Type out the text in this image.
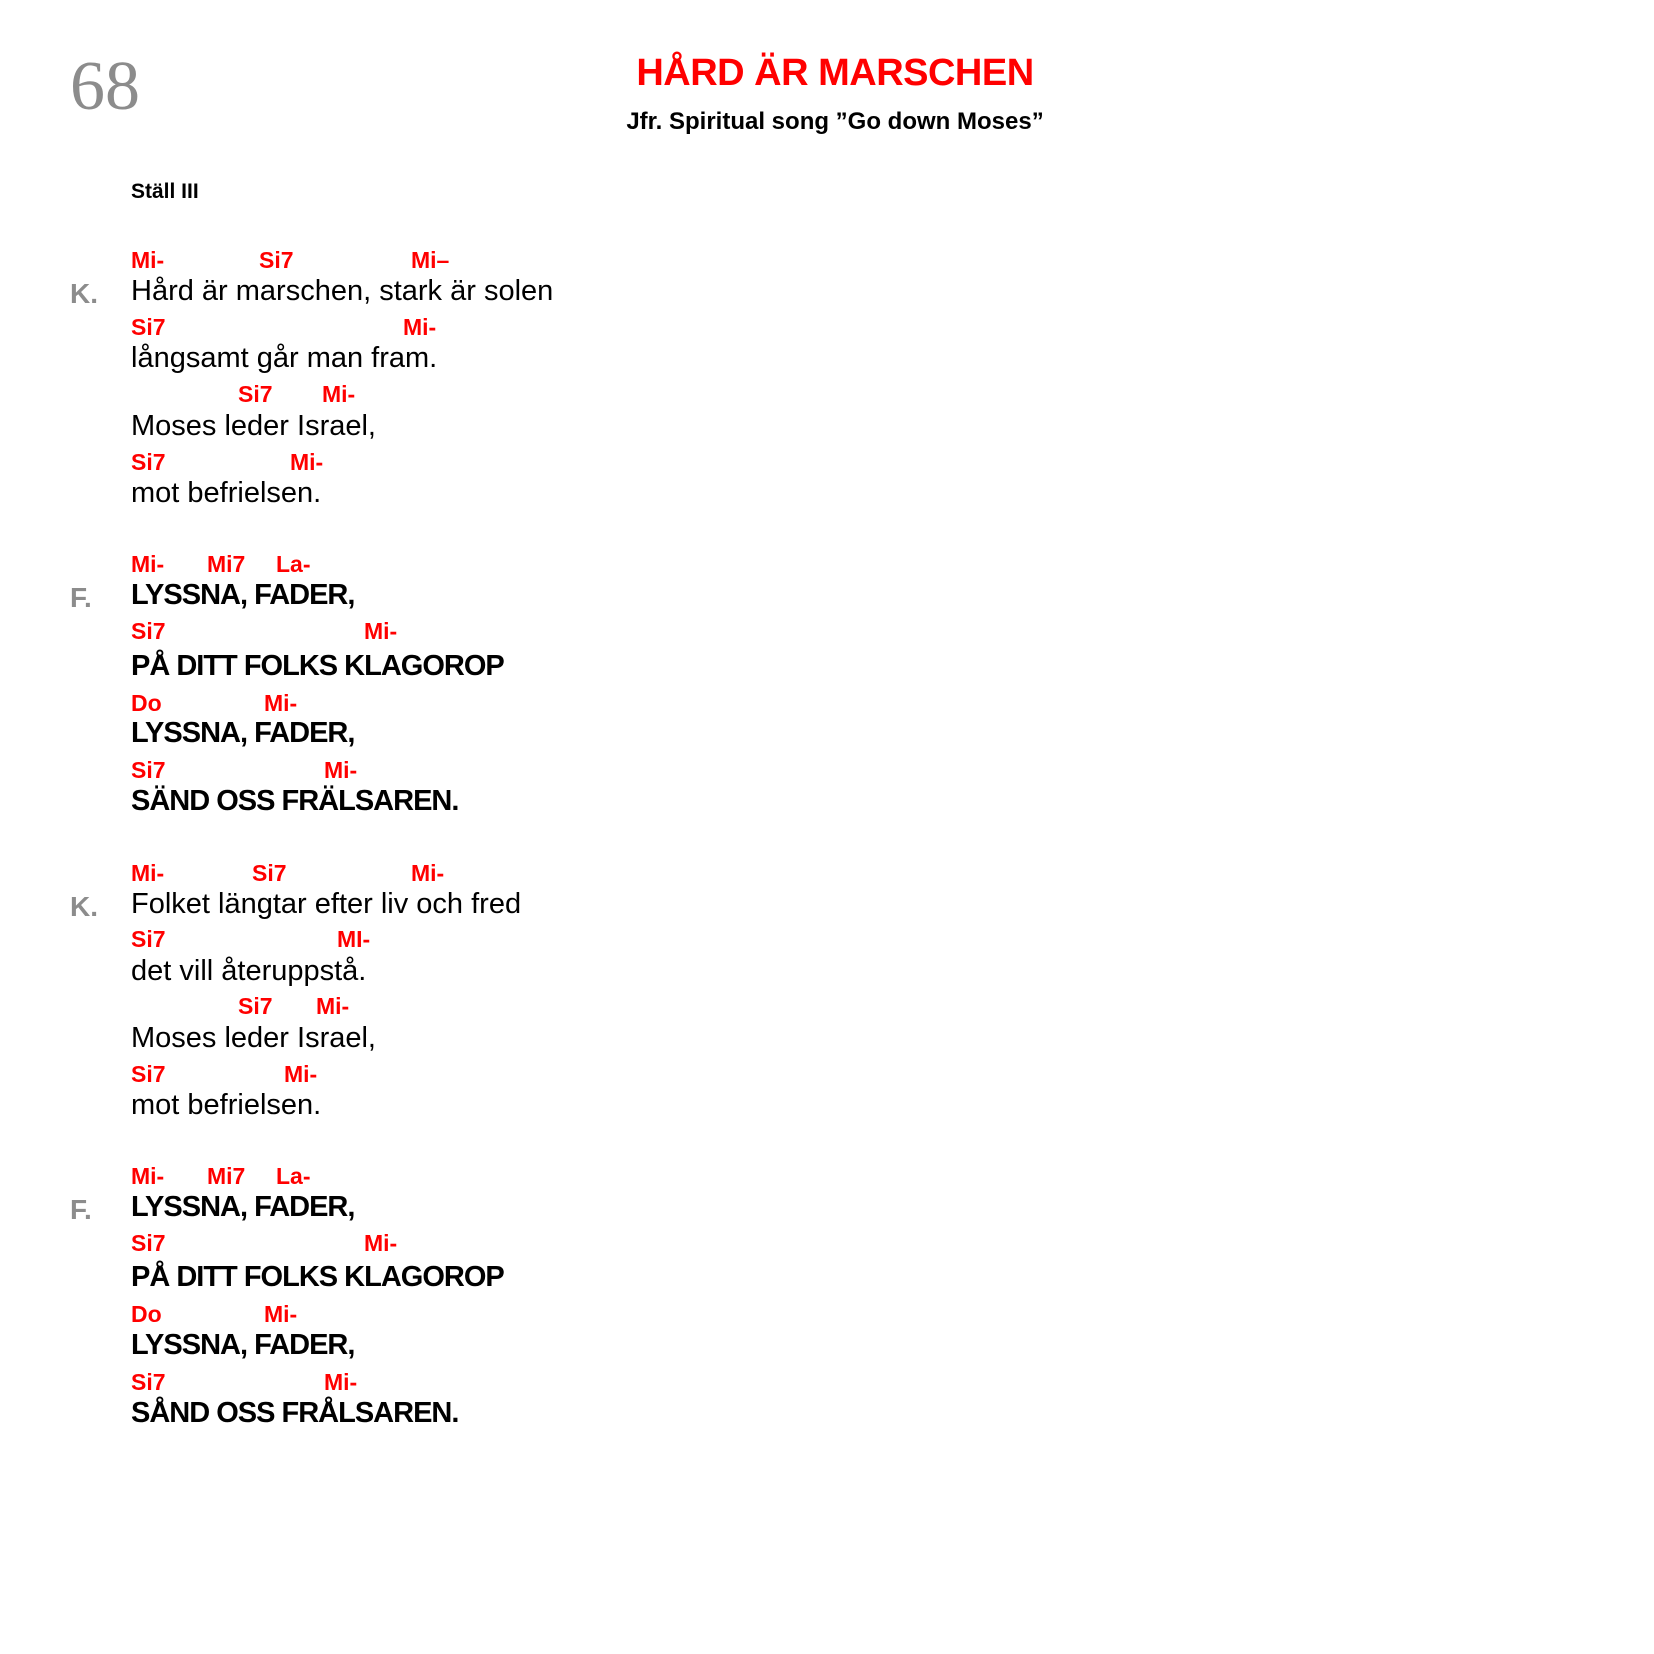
68	HÅRD ÄR MARSCHEN
Jfr. Spiritual song ”Go down Moses”
Ställ III
K.
Mi-	Si7	Mi–
Hård är marschen, stark är solen
Si7	Mi-
långsamt går man fram.
Si7 Mi-
Moses leder Israel,
Si7	Mi-
mot befrielsen.
F.
Mi- Mi7 La-
LYSSNA, FADER,
Si7	Mi-
PÅ DITT FOLKS KLAGOROP
Do	Mi-
LYSSNA, FADER,
Si7	Mi-
SÄND OSS FRÄLSAREN.
K.
Mi-	Si7	Mi-
Folket längtar efter liv och fred
Si7	MI-
det vill återuppstå.
Si7 Mi-
Moses leder Israel,
Si7	Mi-
mot befrielsen.
F.
Mi- Mi7 La-
LYSSNA, FADER,
Si7	Mi-
PÅ DITT FOLKS KLAGOROP
Do	Mi-
LYSSNA, FADER,
Si7	Mi-
SÅND OSS FRÅLSAREN.
